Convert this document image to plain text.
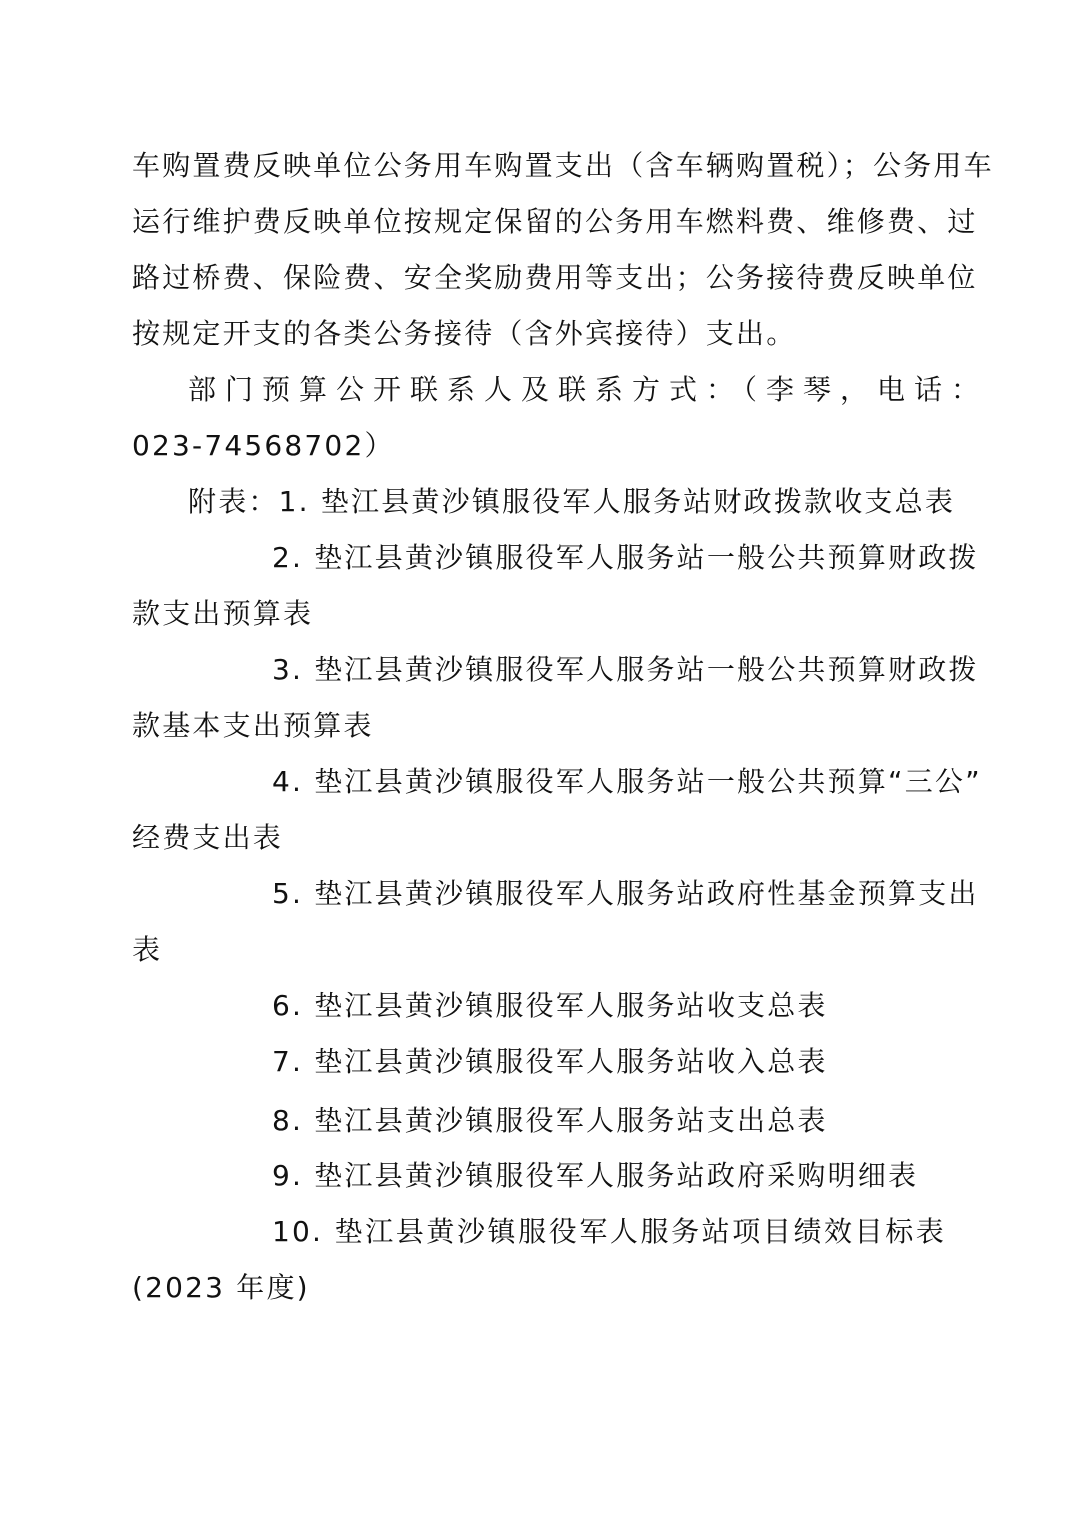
车购置费反映单位公务用车购置支出（含车辆购置税）；公务用车
运行维护费反映单位按规定保留的公务用车燃料费、维修费、过
路过桥费、保险费、安全奖励费用等支出；公务接待费反映单位
按规定开支的各类公务接待（含外宾接待）支出。
部门预算公开联系人及联系方式：（李琴，电话：
023-74568702）
附表：1. 垫江县黄沙镇服役军人服务站财政拨款收支总表
2. 垫江县黄沙镇服役军人服务站一般公共预算财政拨
款支出预算表
3. 垫江县黄沙镇服役军人服务站一般公共预算财政拨
款基本支出预算表
4. 垫江县黄沙镇服役军人服务站一般公共预算“三公”
经费支出表
5. 垫江县黄沙镇服役军人服务站政府性基金预算支出
表
6. 垫江县黄沙镇服役军人服务站收支总表
7. 垫江县黄沙镇服役军人服务站收入总表
8. 垫江县黄沙镇服役军人服务站支出总表
9. 垫江县黄沙镇服役军人服务站政府采购明细表
10. 垫江县黄沙镇服役军人服务站项目绩效目标表
(2023 年度)
